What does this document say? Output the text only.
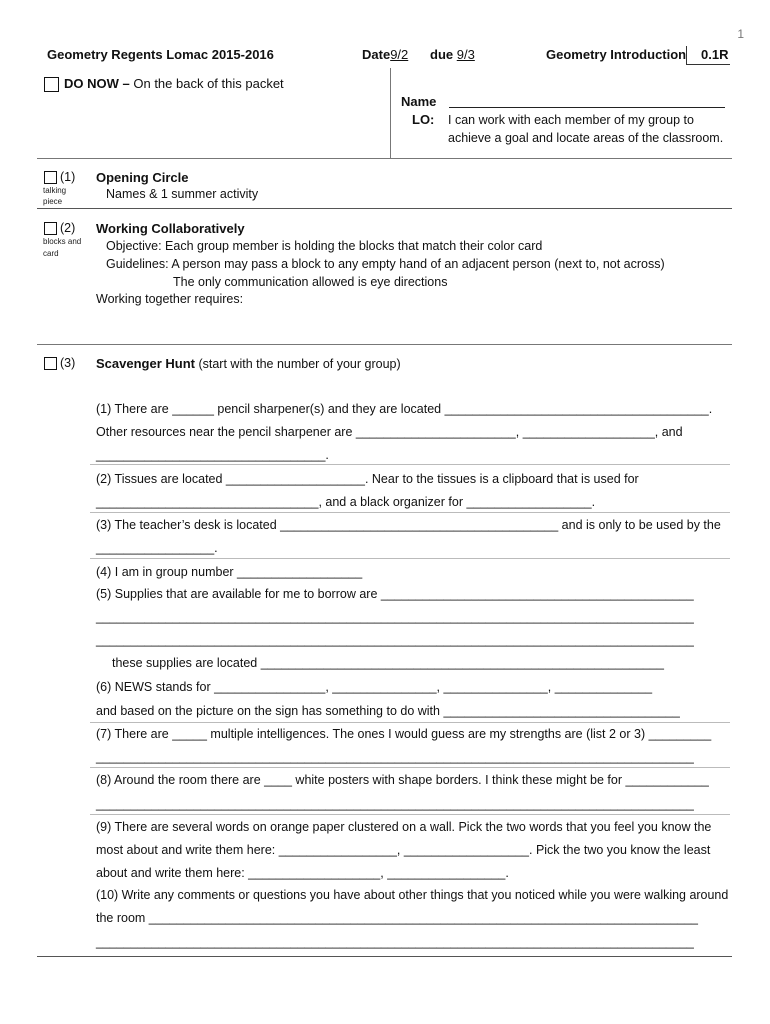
1
Geometry Regents Lomac 2015-2016	Date9/2 due 9/3	Geometry Introduction 0.1R
DO NOW – On the back of this packet
Name
LO: I can work with each member of my group to
achieve a goal and locate areas of the classroom.
(1)
talking
piece
Opening Circle
Names & 1 summer activity
(2)
blocks and
card
Working Collaboratively
Objective: Each group member is holding the blocks that match their color card
Guidelines: A person may pass a block to any empty hand of an adjacent person (next to, not across)
The only communication allowed is eye directions
Working together requires:
(3) Scavenger Hunt (start with the number of your group)
(1) There are ______ pencil sharpener(s) and they are located ______________________________________.
Other resources near the pencil sharpener are _______________________, ___________________, and
_________________________________.
(2) Tissues are located ____________________. Near to the tissues is a clipboard that is used for
________________________________, and a black organizer for __________________.
(3) The teacher’s desk is located ________________________________________ and is only to be used by the
_________________.
(4) I am in group number __________________
(5) Supplies that are available for me to borrow are _____________________________________________
______________________________________________________________________________________
______________________________________________________________________________________
these supplies are located __________________________________________________________
(6) NEWS stands for ________________, _______________, _______________, ______________
and based on the picture on the sign has something to do with __________________________________
(7) There are _____ multiple intelligences. The ones I would guess are my strengths are (list 2 or 3) _________
______________________________________________________________________________________
(8) Around the room there are ____ white posters with shape borders. I think these might be for ____________
______________________________________________________________________________________
(9) There are several words on orange paper clustered on a wall. Pick the two words that you feel you know the
most about and write them here: _________________, __________________. Pick the two you know the least
about and write them here: ___________________, _________________.
(10) Write any comments or questions you have about other things that you noticed while you were walking around
the room _______________________________________________________________________________
______________________________________________________________________________________
